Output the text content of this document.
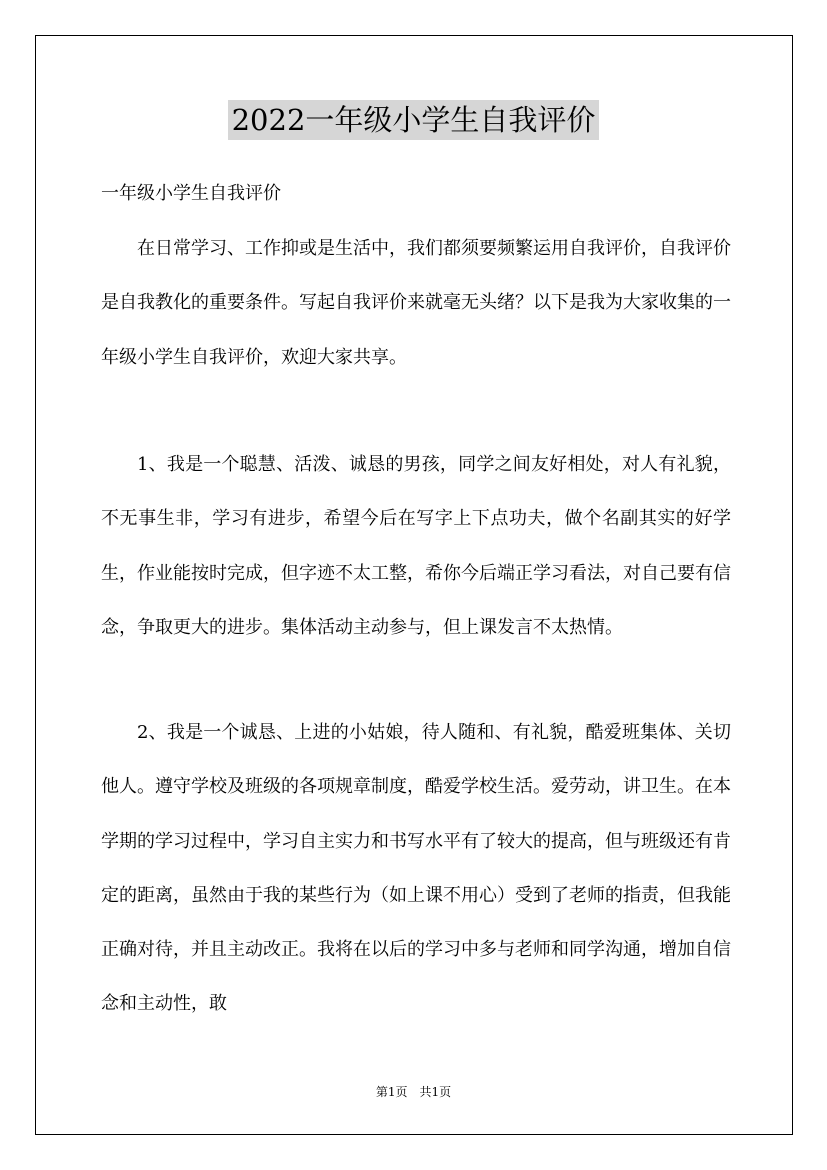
2022一年级小学生自我评价
一年级小学生自我评价

在日常学习、工作抑或是生活中，我们都须要频繁运用自我评价，自我评价是自我教化的重要条件。写起自我评价来就毫无头绪？以下是我为大家收集的一年级小学生自我评价，欢迎大家共享。

1、我是一个聪慧、活泼、诚恳的男孩，同学之间友好相处，对人有礼貌，不无事生非，学习有进步，希望今后在写字上下点功夫，做个名副其实的好学生，作业能按时完成，但字迹不太工整，希你今后端正学习看法，对自己要有信念，争取更大的进步。集体活动主动参与，但上课发言不太热情。

2、我是一个诚恳、上进的小姑娘，待人随和、有礼貌，酷爱班集体、关切他人。遵守学校及班级的各项规章制度，酷爱学校生活。爱劳动，讲卫生。在本学期的学习过程中，学习自主实力和书写水平有了较大的提高，但与班级还有肯定的距离，虽然由于我的某些行为（如上课不用心）受到了老师的指责，但我能正确对待，并且主动改正。我将在以后的学习中多与老师和同学沟通，增加自信念和主动性，敢

第1页 共1页
